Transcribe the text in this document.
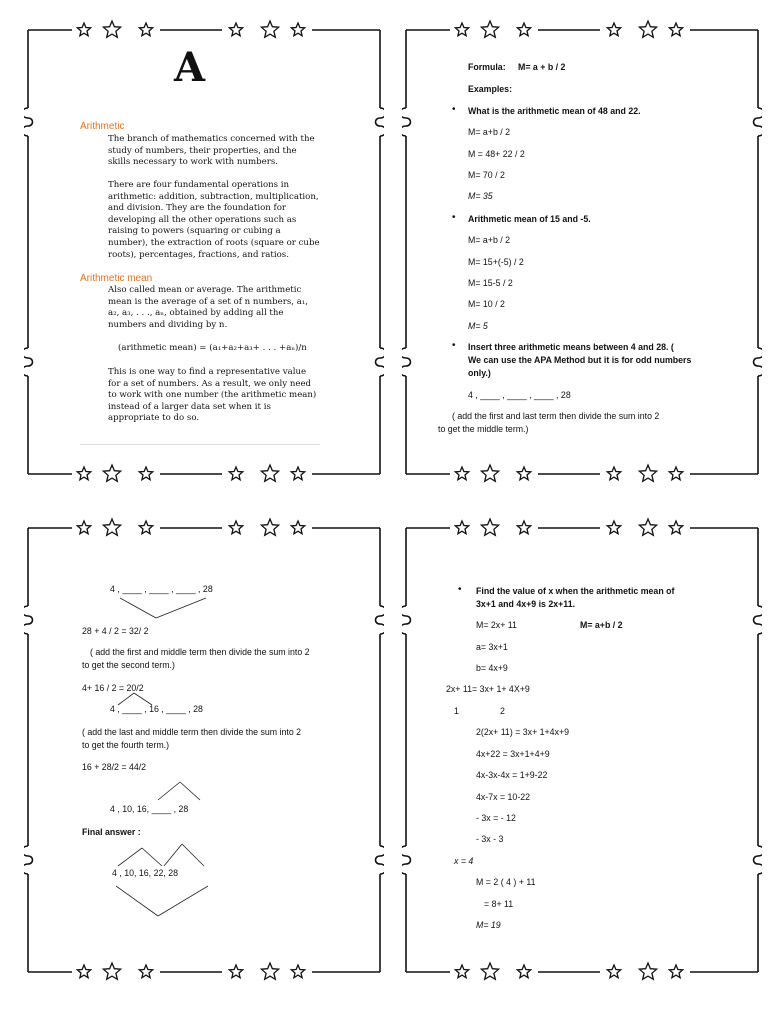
A
Arithmetic
The branch of mathematics concerned with the study of numbers, their properties, and the skills necessary to work with numbers.
There are four fundamental operations in arithmetic: addition, subtraction, multiplication, and division. They are the foundation for developing all the other operations such as raising to powers (squaring or cubing a number), the extraction of roots (square or cube roots), percentages, fractions, and ratios.
Arithmetic mean
Also called mean or average. The arithmetic mean is the average of a set of n numbers, a₁, a₂, a₃, . . ., aₙ, obtained by adding all the numbers and dividing by n.
(arithmetic mean) = (a₁+a₂+a₃+ . . . +aₙ)/n
This is one way to find a representative value for a set of numbers. As a result, we only need to work with one number (the arithmetic mean) instead of a larger data set when it is appropriate to do so.
Formula: M= a + b / 2
Examples:
• What is the arithmetic mean of 48 and 22.
M= a+b / 2
M = 48+ 22 / 2
M= 70 / 2
M= 35
• Arithmetic mean of 15 and -5.
M= a+b / 2
M= 15+(-5) / 2
M= 15-5 / 2
M= 10 / 2
M= 5
• Insert three arithmetic means between 4 and 28. (
We can use the APA Method but it is for odd numbers
only.)
4 , ____ , ____ , ____ , 28
( add the first and last term then divide the sum into 2
to get the middle term.)
4 , ____ , ____ , ____ , 28
28 + 4 / 2 = 32/ 2
( add the first and middle term then divide the sum into 2
to get the second term.)
4+ 16 / 2 = 20/2
4 , ____ , 16 , ____ , 28
( add the last and middle term then divide the sum into 2
to get the fourth term.)
16 + 28/2 = 44/2
4 , 10, 16, ____ , 28
Final answer :
4 , 10, 16, 22, 28
• Find the value of x when the arithmetic mean of
3x+1 and 4x+9 is 2x+11.
M= 2x+ 11	M= a+b / 2
a= 3x+1
b= 4x+9
2x+ 11= 3x+ 1+ 4X+9
1	2
2(2x+ 11) = 3x+ 1+4x+9
4x+22 = 3x+1+4+9
4x-3x-4x = 1+9-22
4x-7x = 10-22
- 3x = - 12
- 3x - 3
x = 4
M = 2 ( 4 ) + 11
= 8+ 11
M= 19
